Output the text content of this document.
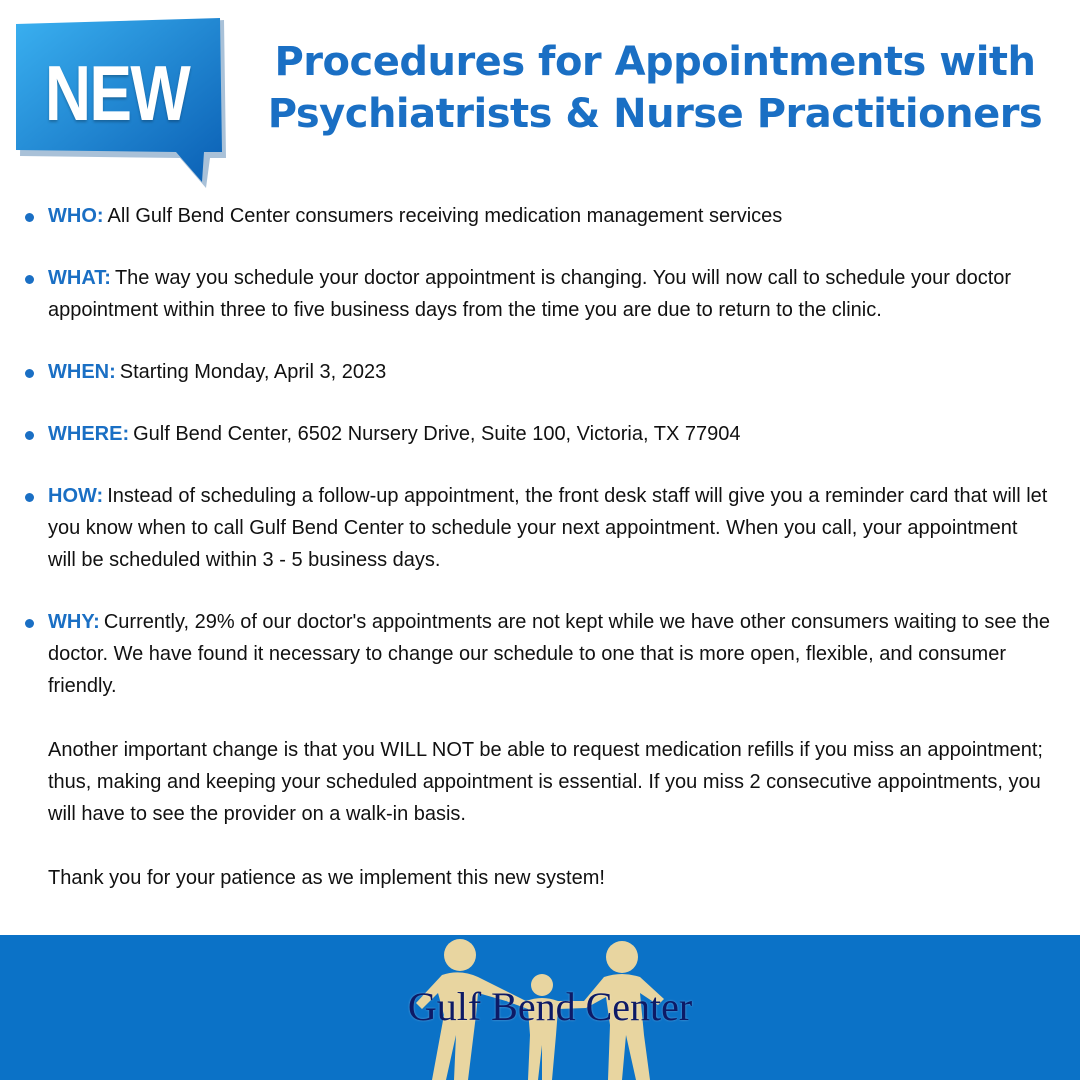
NEW	Procedures for Appointments with
Psychiatrists & Nurse Practitioners

WHO: All Gulf Bend Center consumers receiving medication management services

WHAT: The way you schedule your doctor appointment is changing. You will now call to schedule your doctor appointment within three to five business days from the time you are due to return to the clinic.

WHEN: Starting Monday, April 3, 2023

WHERE: Gulf Bend Center, 6502 Nursery Drive, Suite 100, Victoria, TX 77904

HOW: Instead of scheduling a follow-up appointment, the front desk staff will give you a reminder card that will let you know when to call Gulf Bend Center to schedule your next appointment. When you call, your appointment will be scheduled within 3 - 5 business days.

WHY: Currently, 29% of our doctor's appointments are not kept while we have other consumers waiting to see the doctor. We have found it necessary to change our schedule to one that is more open, flexible, and consumer friendly.

Another important change is that you WILL NOT be able to request medication refills if you miss an appointment; thus, making and keeping your scheduled appointment is essential. If you miss 2 consecutive appointments, you will have to see the provider on a walk-in basis.

Thank you for your patience as we implement this new system!

Gulf Bend Center
